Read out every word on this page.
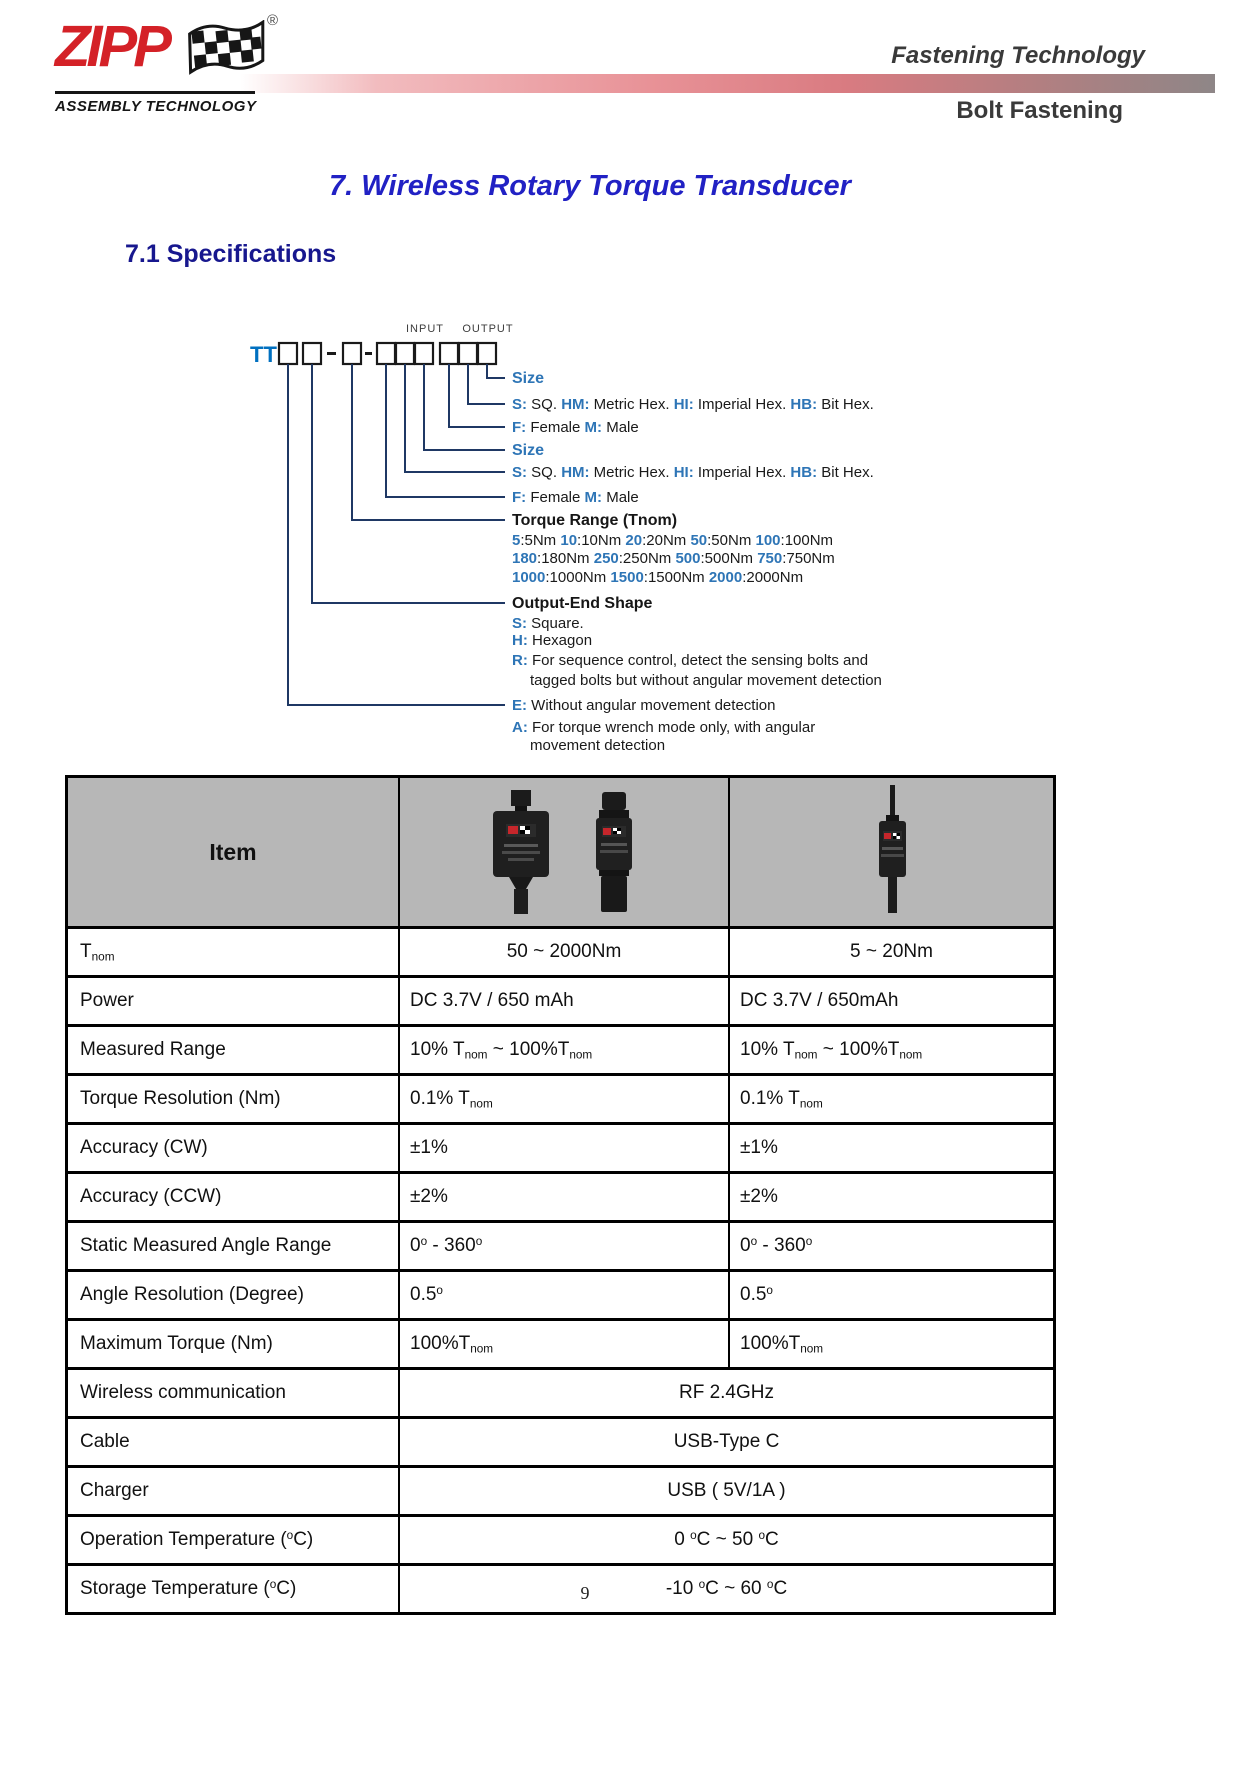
ZIPP	®
ASSEMBLY TECHNOLOGY
Fastening Technology
Bolt Fastening
7. Wireless Rotary Torque Transducer
7.1 Specifications
TT
INPUT	OUTPUT
Size
S: SQ. HM: Metric Hex. HI: Imperial Hex. HB: Bit Hex.
F: Female M: Male
Size
S: SQ. HM: Metric Hex. HI: Imperial Hex. HB: Bit Hex.
F: Female M: Male
Torque Range (Tnom)
5:5Nm 10:10Nm 20:20Nm 50:50Nm 100:100Nm
180:180Nm 250:250Nm 500:500Nm 750:750Nm
1000:1000Nm 1500:1500Nm 2000:2000Nm
Output-End Shape
S: Square.
H: Hexagon
R: For sequence control, detect the sensing bolts and
tagged bolts but without angular movement detection
E: Without angular movement detection
A: For torque wrench mode only, with angular
movement detection
Item	

$T_{nom}$	50 ~ 2000Nm	5 ~ 20Nm
Power	DC 3.7V / 650 mAh	DC 3.7V / 650mAh
Measured Range	10% $T_{nom}$ ~ $100\%T_{nom}$	10% $T_{nom}$ ~ $100\%T_{nom}$
Torque Resolution (Nm)	0.1% $T_{nom}$	0.1% $T_{nom}$
Accuracy (CW)	±1%	±1%
Accuracy (CCW)	±2%	±2%
Static Measured Angle Range	0$^o$ - 360$^o$	0$^o$ - 360$^o$
Angle Resolution (Degree)	0.5$^o$	0.5$^o$
Maximum Torque (Nm)	$100\%T_{nom}$	$100\%T_{nom}$
Wireless communication	RF 2.4GHz	
Cable	USB-Type C	
Charger	USB ( 5V/1A )	
Operation Temperature ($^o$C)	0 $^o$C ~ 50 $^o$C	
Storage Temperature ($^o$C)	-10 $^o$C ~ 60 $^o$C	
9
